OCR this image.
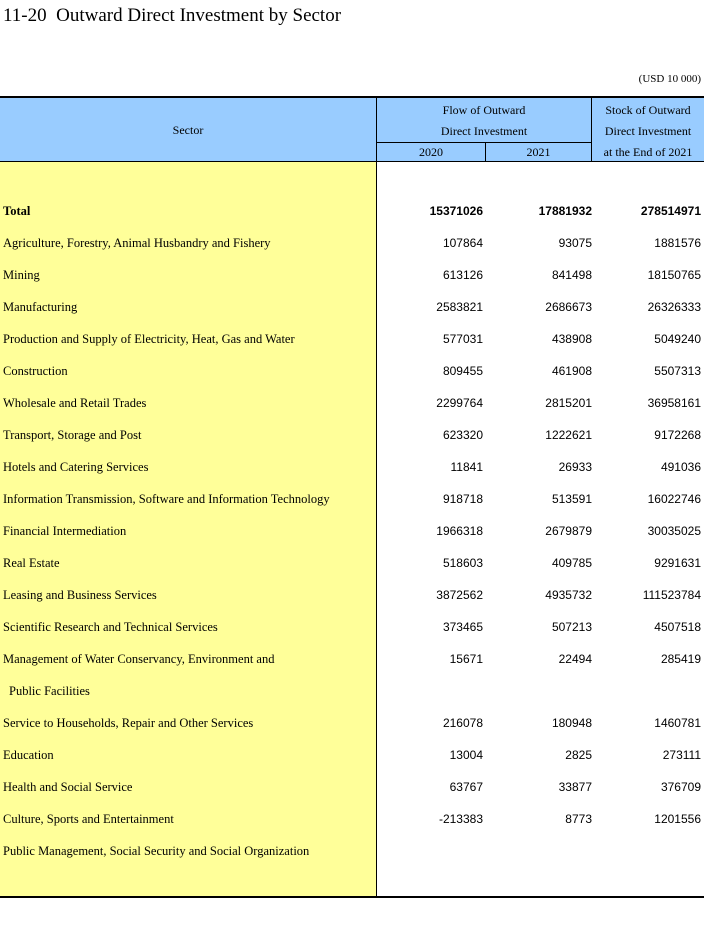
11-20  Outward Direct Investment by Sector
(USD 10 000)
Sector
Flow of Outward
Direct Investment
2020	2021
Stock of Outward
Direct Investment
at the End of 2021
Total	15371026	17881932	278514971
Agriculture, Forestry, Animal Husbandry and Fishery	107864	93075	1881576
Mining	613126	841498	18150765
Manufacturing	2583821	2686673	26326333
Production and Supply of Electricity, Heat, Gas and Water	577031	438908	5049240
Construction	809455	461908	5507313
Wholesale and Retail Trades	2299764	2815201	36958161
Transport, Storage and Post	623320	1222621	9172268
Hotels and Catering Services	11841	26933	491036
Information Transmission, Software and Information Technology	918718	513591	16022746
Financial Intermediation	1966318	2679879	30035025
Real Estate	518603	409785	9291631
Leasing and Business Services	3872562	4935732	111523784
Scientific Research and Technical Services	373465	507213	4507518
Management of Water Conservancy, Environment and	15671	22494	285419
Public Facilities
Service to Households, Repair and Other Services	216078	180948	1460781
Education	13004	2825	273111
Health and Social Service	63767	33877	376709
Culture, Sports and Entertainment	-213383	8773	1201556
Public Management, Social Security and Social Organization
